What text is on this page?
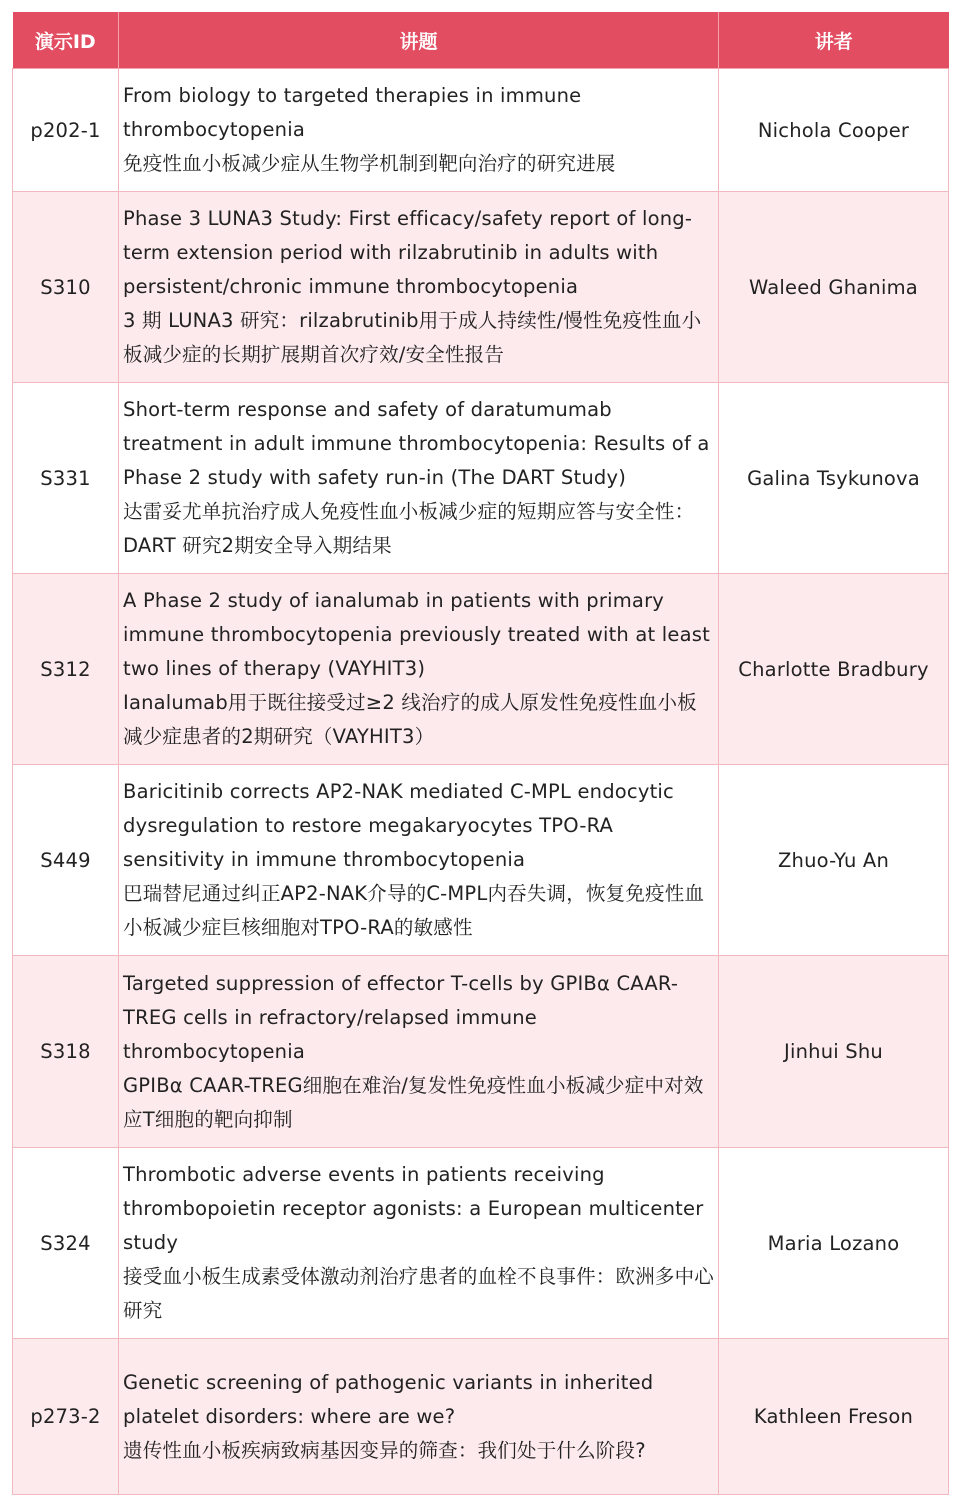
演示ID	讲题	讲者
p202-1	From biology to targeted therapies in immune thrombocytopenia
免疫性血小板减少症从生物学机制到靶向治疗的研究进展	Nichola Cooper
S310	Phase 3 LUNA3 Study: First efficacy/safety report of long-term extension period with rilzabrutinib in adults with persistent/chronic immune thrombocytopenia
3 期 LUNA3 研究：rilzabrutinib用于成人持续性/慢性免疫性血小板减少症的长期扩展期首次疗效/安全性报告	Waleed Ghanima
S331	Short-term response and safety of daratumumab treatment in adult immune thrombocytopenia: Results of a Phase 2 study with safety run-in (The DART Study)
达雷妥尤单抗治疗成人免疫性血小板减少症的短期应答与安全性：DART 研究2期安全导入期结果	Galina Tsykunova
S312	A Phase 2 study of ianalumab in patients with primary immune thrombocytopenia previously treated with at least two lines of therapy (VAYHIT3)
Ianalumab用于既往接受过≥2 线治疗的成人原发性免疫性血小板减少症患者的2期研究（VAYHIT3）	Charlotte Bradbury
S449	Baricitinib corrects AP2-NAK mediated C-MPL endocytic dysregulation to restore megakaryocytes TPO-RA sensitivity in immune thrombocytopenia
巴瑞替尼通过纠正AP2-NAK介导的C-MPL内吞失调，恢复免疫性血小板减少症巨核细胞对TPO-RA的敏感性	Zhuo-Yu An
S318	Targeted suppression of effector T-cells by GPIBα CAAR-TREG cells in refractory/relapsed immune thrombocytopenia
GPIBα CAAR-TREG细胞在难治/复发性免疫性血小板减少症中对效应T细胞的靶向抑制	Jinhui Shu
S324	Thrombotic adverse events in patients receiving thrombopoietin receptor agonists: a European multicenter study
接受血小板生成素受体激动剂治疗患者的血栓不良事件：欧洲多中心研究	Maria Lozano
p273-2	Genetic screening of pathogenic variants in inherited platelet disorders: where are we?
遗传性血小板疾病致病基因变异的筛查：我们处于什么阶段?	Kathleen Freson
